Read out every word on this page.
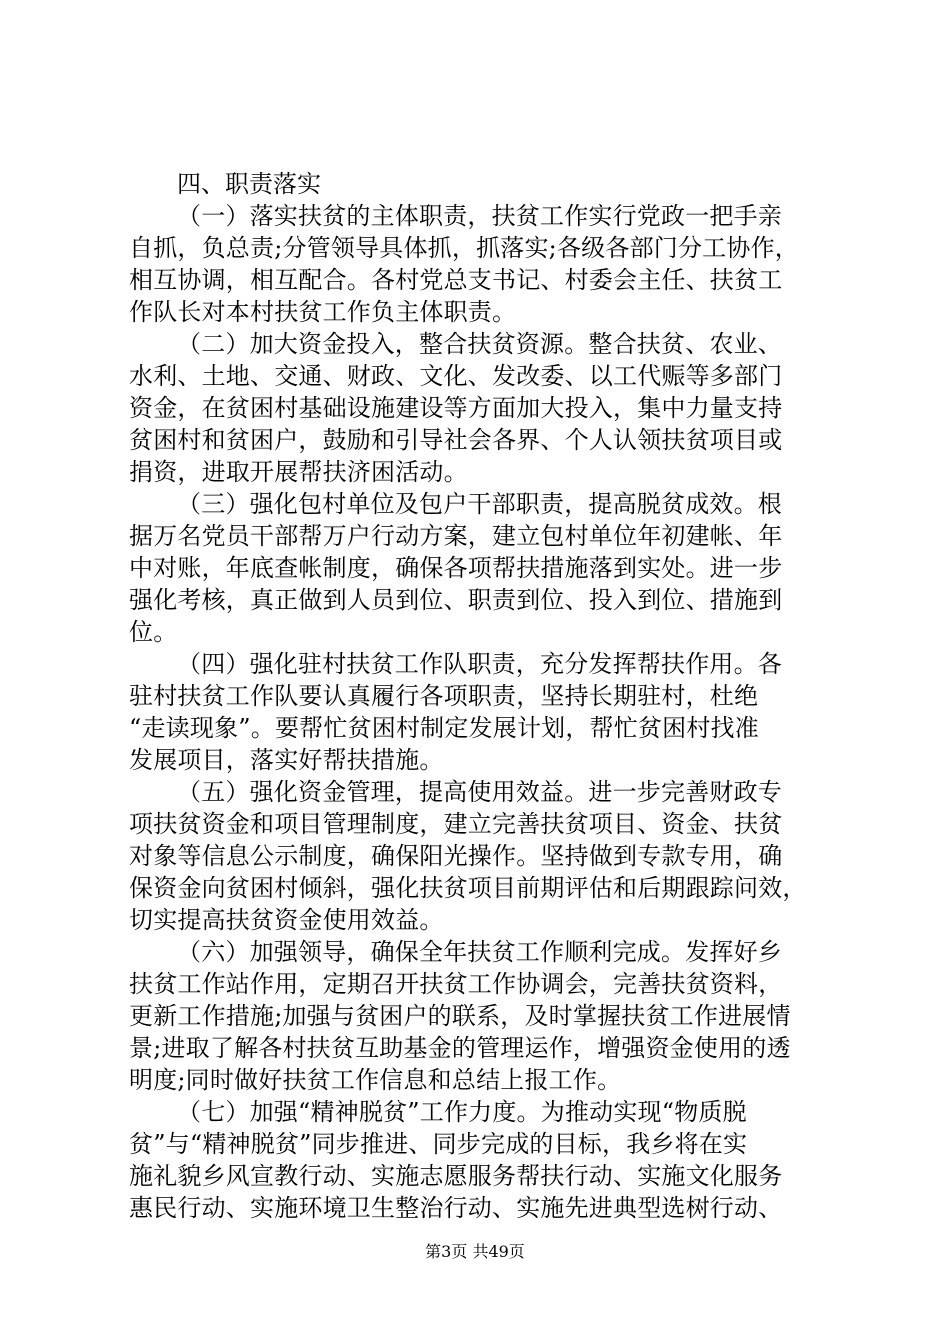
四、职责落实
（一）落实扶贫的主体职责，扶贫工作实行党政一把手亲
自抓，负总责;分管领导具体抓，抓落实;各级各部门分工协作，
相互协调，相互配合。各村党总支书记、村委会主任、扶贫工
作队长对本村扶贫工作负主体职责。
（二）加大资金投入，整合扶贫资源。整合扶贫、农业、
水利、土地、交通、财政、文化、发改委、以工代赈等多部门
资金，在贫困村基础设施建设等方面加大投入，集中力量支持
贫困村和贫困户，鼓励和引导社会各界、个人认领扶贫项目或
捐资，进取开展帮扶济困活动。
（三）强化包村单位及包户干部职责，提高脱贫成效。根
据万名党员干部帮万户行动方案，建立包村单位年初建帐、年
中对账，年底查帐制度，确保各项帮扶措施落到实处。进一步
强化考核，真正做到人员到位、职责到位、投入到位、措施到
位。
（四）强化驻村扶贫工作队职责，充分发挥帮扶作用。各
驻村扶贫工作队要认真履行各项职责，坚持长期驻村，杜绝
“走读现象”。要帮忙贫困村制定发展计划，帮忙贫困村找准
发展项目，落实好帮扶措施。
（五）强化资金管理，提高使用效益。进一步完善财政专
项扶贫资金和项目管理制度，建立完善扶贫项目、资金、扶贫
对象等信息公示制度，确保阳光操作。坚持做到专款专用，确
保资金向贫困村倾斜，强化扶贫项目前期评估和后期跟踪问效，
切实提高扶贫资金使用效益。
（六）加强领导，确保全年扶贫工作顺利完成。发挥好乡
扶贫工作站作用，定期召开扶贫工作协调会，完善扶贫资料，
更新工作措施;加强与贫困户的联系，及时掌握扶贫工作进展情
景;进取了解各村扶贫互助基金的管理运作，增强资金使用的透
明度;同时做好扶贫工作信息和总结上报工作。
（七）加强“精神脱贫”工作力度。为推动实现“物质脱
贫”与“精神脱贫”同步推进、同步完成的目标，我乡将在实
施礼貌乡风宣教行动、实施志愿服务帮扶行动、实施文化服务
惠民行动、实施环境卫生整治行动、实施先进典型选树行动、
第3页 共49页
